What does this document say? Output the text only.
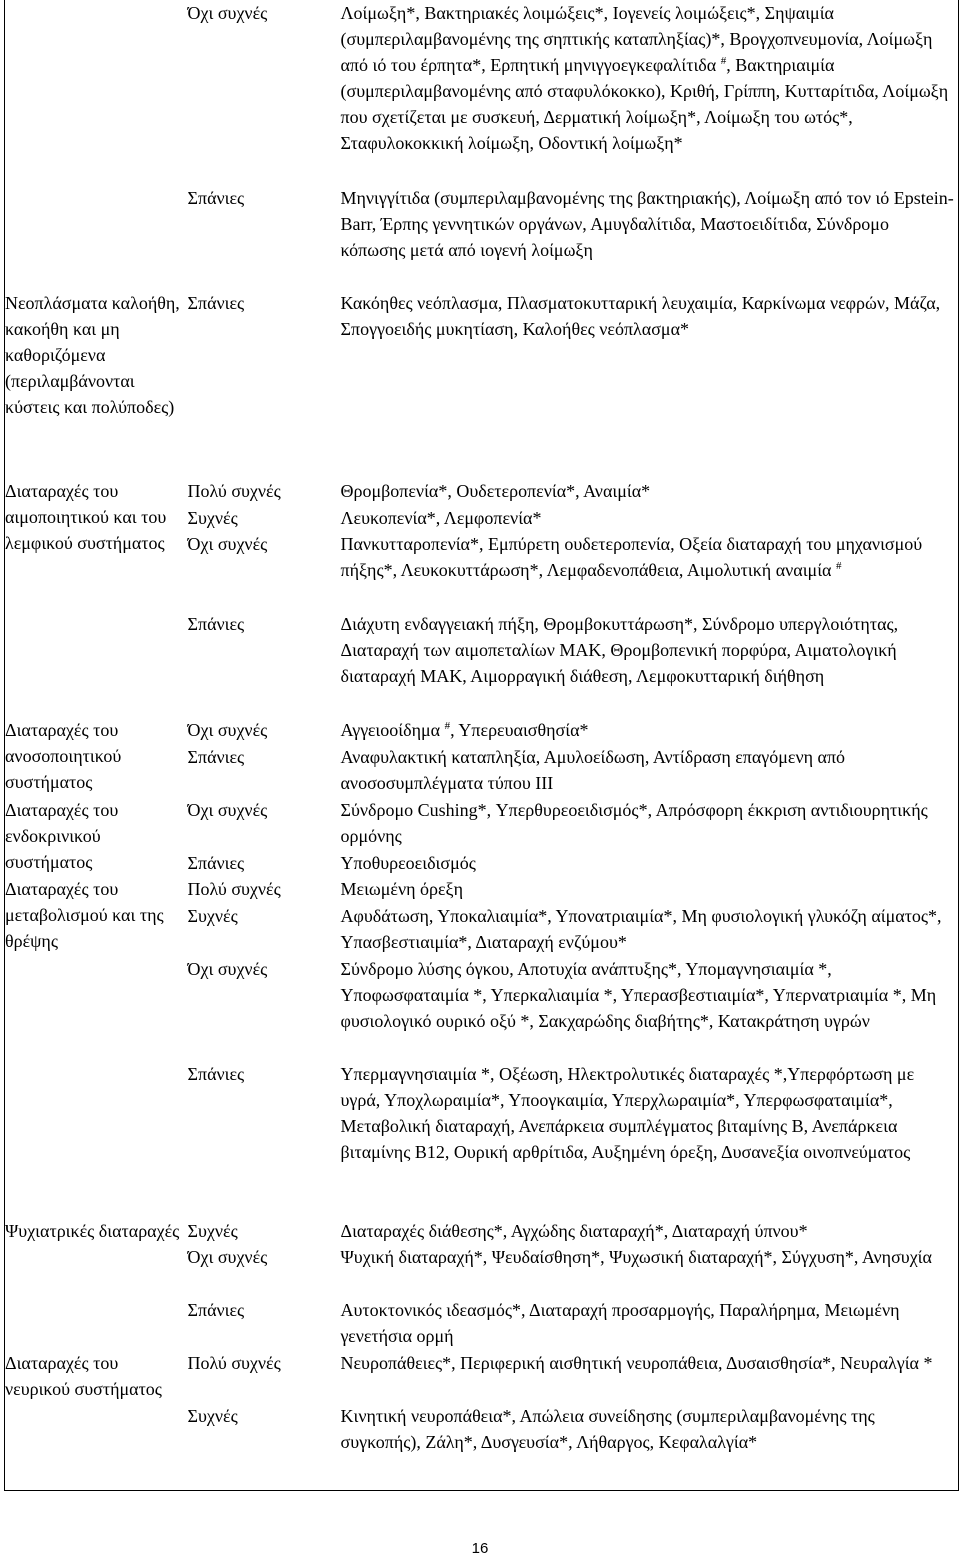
	Όχι συχνές	Λοίμωξη*, Βακτηριακές λοιμώξεις*, Ιογενείς λοιμώξεις*, Σηψαιμία (συμπεριλαμβανομένης της σηπτικής καταπληξίας)*, Βρογχοπνευμονία, Λοίμωξη από ιό του έρπητα*, Ερπητική μηνιγγοεγκεφαλίτιδα #, Βακτηριαιμία (συμπεριλαμβανομένης από σταφυλόκοκκο), Κριθή, Γρίππη, Κυτταρίτιδα, Λοίμωξη που σχετίζεται με συσκευή, Δερματική λοίμωξη*, Λοίμωξη του ωτός*, Σταφυλοκοκκική λοίμωξη, Οδοντική λοίμωξη*
	Σπάνιες	Μηνιγγίτιδα (συμπεριλαμβανομένης της βακτηριακής), Λοίμωξη από τον ιό Epstein-Barr, Έρπης γεννητικών οργάνων, Αμυγδαλίτιδα, Μαστοειδίτιδα, Σύνδρομο κόπωσης μετά από ιογενή λοίμωξη
Νεοπλάσματα καλοήθη, κακοήθη και μη καθοριζόμενα (περιλαμβάνονται κύστεις και πολύποδες)	Σπάνιες	Κακόηθες νεόπλασμα, Πλασματοκυτταρική λευχαιμία, Καρκίνωμα νεφρών, Μάζα, Σπογγοειδής μυκητίαση, Καλοήθες νεόπλασμα*
Διαταραχές του αιμοποιητικού και του λεμφικού συστήματος	Πολύ συχνές	Θρομβοπενία*, Ουδετεροπενία*, Αναιμία*
	Συχνές	Λευκοπενία*, Λεμφοπενία*
	Όχι συχνές	Πανκυτταροπενία*, Εμπύρετη ουδετεροπενία, Οξεία διαταραχή του μηχανισμού πήξης*, Λευκοκυττάρωση*, Λεμφαδενοπάθεια, Αιμολυτική αναιμία #
	Σπάνιες	Διάχυτη ενδαγγειακή πήξη, Θρομβοκυττάρωση*, Σύνδρομο υπεργλοιότητας, Διαταραχή των αιμοπεταλίων ΜΑΚ, Θρομβοπενική πορφύρα, Αιματολογική διαταραχή ΜΑΚ, Αιμορραγική διάθεση, Λεμφοκυτταρική διήθηση
Διαταραχές του ανοσοποιητικού συστήματος	Όχι συχνές	Αγγειοοίδημα #, Υπερευαισθησία*
	Σπάνιες	Αναφυλακτική καταπληξία, Αμυλοείδωση, Αντίδραση επαγόμενη από ανοσοσυμπλέγματα τύπου III
Διαταραχές του ενδοκρινικού συστήματος	Όχι συχνές	Σύνδρομο Cushing*, Υπερθυρεοειδισμός*, Απρόσφορη έκκριση αντιδιουρητικής ορμόνης
	Σπάνιες	Υποθυρεοειδισμός
Διαταραχές του μεταβολισμού και της θρέψης	Πολύ συχνές	Μειωμένη όρεξη
	Συχνές	Αφυδάτωση, Υποκαλιαιμία*, Υπονατριαιμία*, Μη φυσιολογική γλυκόζη αίματος*, Υπασβεστιαιμία*, Διαταραχή ενζύμου*
	Όχι συχνές	Σύνδρομο λύσης όγκου, Αποτυχία ανάπτυξης*, Υπομαγνησιαιμία *, Υποφωσφαταιμία *, Υπερκαλιαιμία *, Υπερασβεστιαιμία*, Υπερνατριαιμία *, Μη φυσιολογικό ουρικό οξύ *, Σακχαρώδης διαβήτης*, Κατακράτηση υγρών
	Σπάνιες	Υπερμαγνησιαιμία *, Οξέωση, Ηλεκτρολυτικές διαταραχές *,Υπερφόρτωση με υγρά, Υποχλωραιμία*, Υποογκαιμία, Υπερχλωραιμία*, Υπερφωσφαταιμία*, Μεταβολική διαταραχή, Ανεπάρκεια συμπλέγματος βιταμίνης Β, Ανεπάρκεια βιταμίνης Β12, Ουρική αρθρίτιδα, Αυξημένη όρεξη, Δυσανεξία οινοπνεύματος
Ψυχιατρικές διαταραχές	Συχνές	Διαταραχές διάθεσης*, Αγχώδης διαταραχή*, Διαταραχή ύπνου*
	Όχι συχνές	Ψυχική διαταραχή*, Ψευδαίσθηση*, Ψυχωσική διαταραχή*, Σύγχυση*, Ανησυχία
	Σπάνιες	Αυτοκτονικός ιδεασμός*, Διαταραχή προσαρμογής, Παραλήρημα, Μειωμένη γενετήσια ορμή
Διαταραχές του νευρικού συστήματος	Πολύ συχνές	Νευροπάθειες*, Περιφερική αισθητική νευροπάθεια, Δυσαισθησία*, Νευραλγία *
	Συχνές	Κινητική νευροπάθεια*, Απώλεια συνείδησης (συμπεριλαμβανομένης της συγκοπής), Ζάλη*, Δυσγευσία*, Λήθαργος, Κεφαλαλγία*
16
